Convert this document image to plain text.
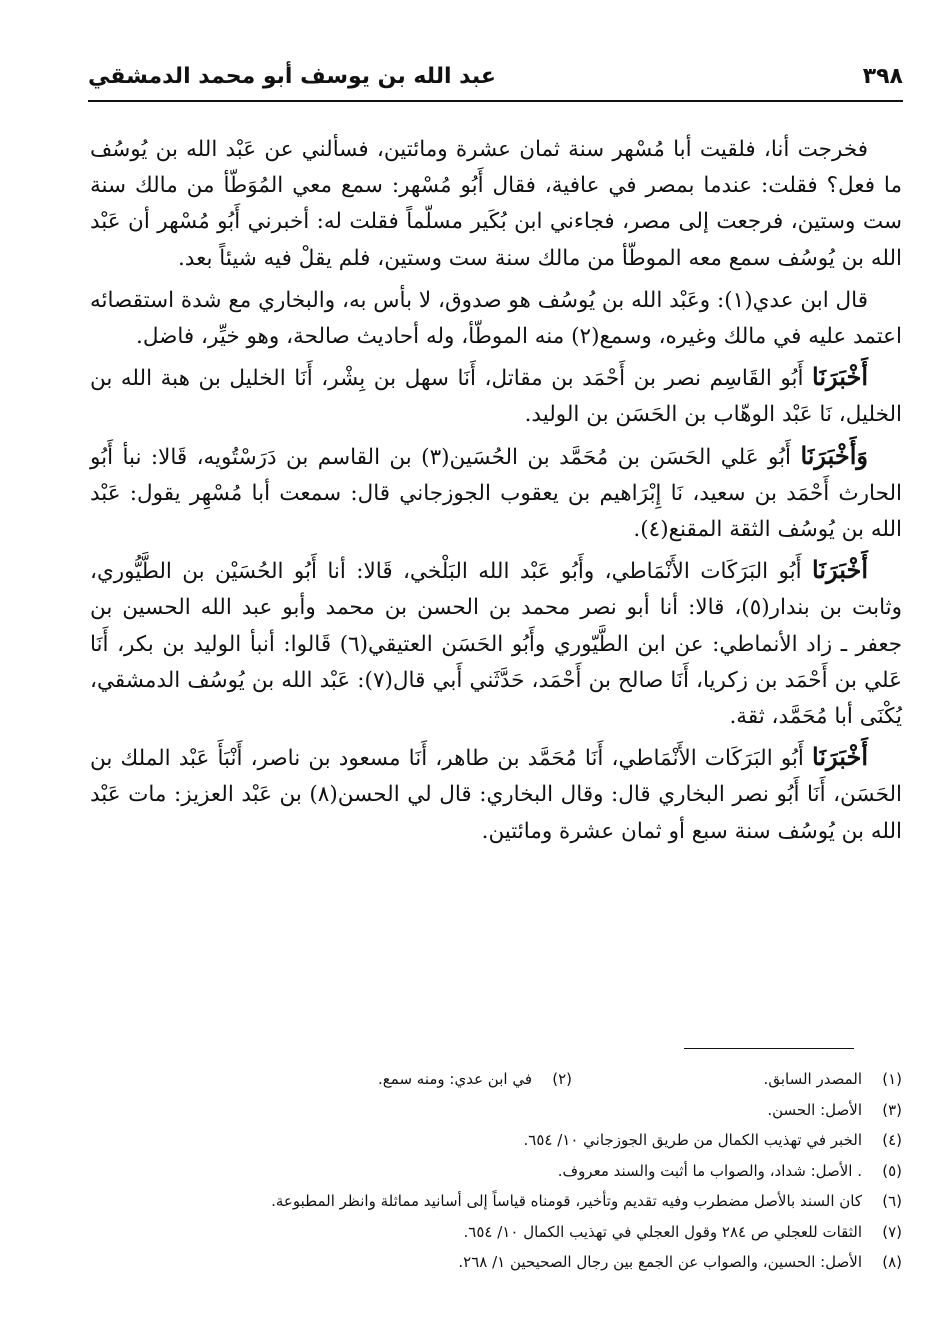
٣٩٨
عبد الله بن يوسف أبو محمد الدمشقي

فخرجت أنا، فلقيت أبا مُسْهر سنة ثمان عشرة ومائتين، فسألني عن عَبْد الله بن يُوسُف ما فعل؟ فقلت: عندما بمصر في عافية، فقال أَبُو مُسْهر: سمع معي المُوَطّأ من مالك سنة ست وستين، فرجعت إلى مصر، فجاءني ابن بُكَير مسلّماً فقلت له: أخبرني أَبُو مُسْهر أن عَبْد الله بن يُوسُف سمع معه الموطّأ من مالك سنة ست وستين، فلم يقلْ فيه شيئاً بعد.

قال ابن عدي(١): وعَبْد الله بن يُوسُف هو صدوق، لا بأس به، والبخاري مع شدة استقصائه اعتمد عليه في مالك وغيره، وسمع(٢) منه الموطّأ، وله أحاديث صالحة، وهو خيِّر، فاضل.

أَخْبَرَنَا أَبُو القَاسِم نصر بن أَحْمَد بن مقاتل، أَنَا سهل بن بِشْر، أَنَا الخليل بن هبة الله بن الخليل، نَا عَبْد الوهّاب بن الحَسَن بن الوليد.

وَأَخْبَرَنَا أَبُو عَلي الحَسَن بن مُحَمَّد بن الحُسَين(٣) بن القاسم بن دَرَسْتُويه، قَالا: نبأ أَبُو الحارث أَحْمَد بن سعيد، نَا إِبْرَاهيم بن يعقوب الجوزجاني قال: سمعت أبا مُسْهِر يقول: عَبْد الله بن يُوسُف الثقة المقنع(٤).

أَخْبَرَنَا أَبُو البَرَكَات الأَنْمَاطي، وأَبُو عَبْد الله البَلْخي، قَالا: أنا أَبُو الحُسَيْن بن الطَّيُّوري، وثابت بن بندار(٥)، قالا: أنا أبو نصر محمد بن الحسن بن محمد وأبو عبد الله الحسين بن جعفر ـ زاد الأنماطي: عن ابن الطَّيّوري وأَبُو الحَسَن العتيقي(٦) قَالوا: أنبأ الوليد بن بكر، أَنَا عَلي بن أَحْمَد بن زكريا، أَنَا صالح بن أَحْمَد، حَدَّثَني أَبي قال(٧): عَبْد الله بن يُوسُف الدمشقي، يُكْنَى أبا مُحَمَّد، ثقة.

أَخْبَرَنَا أَبُو البَرَكَات الأَنْمَاطي، أَنَا مُحَمَّد بن طاهر، أَنَا مسعود بن ناصر، أَنْبَأَ عَبْد الملك بن الحَسَن، أَنَا أَبُو نصر البخاري قال: وقال البخاري: قال لي الحسن(٨) بن عَبْد العزيز: مات عَبْد الله بن يُوسُف سنة سبع أو ثمان عشرة ومائتين.

(١)
المصدر السابق.
(٢)
في ابن عدي: ومنه سمع.
(٣)
الأصل: الحسن.
(٤)
الخبر في تهذيب الكمال من طريق الجوزجاني ١٠/ ٦٥٤.
(٥)
. الأصل: شداد، والصواب ما أثبت والسند معروف.
(٦)
كان السند بالأصل مضطرب وفيه تقديم وتأخير، قومناه قياساً إلى أسانيد مماثلة وانظر المطبوعة.
(٧)
الثقات للعجلي ص ٢٨٤ وقول العجلي في تهذيب الكمال ١٠/ ٦٥٤.
(٨)
الأصل: الحسين، والصواب عن الجمع بين رجال الصحيحين ١/ ٢٦٨.
